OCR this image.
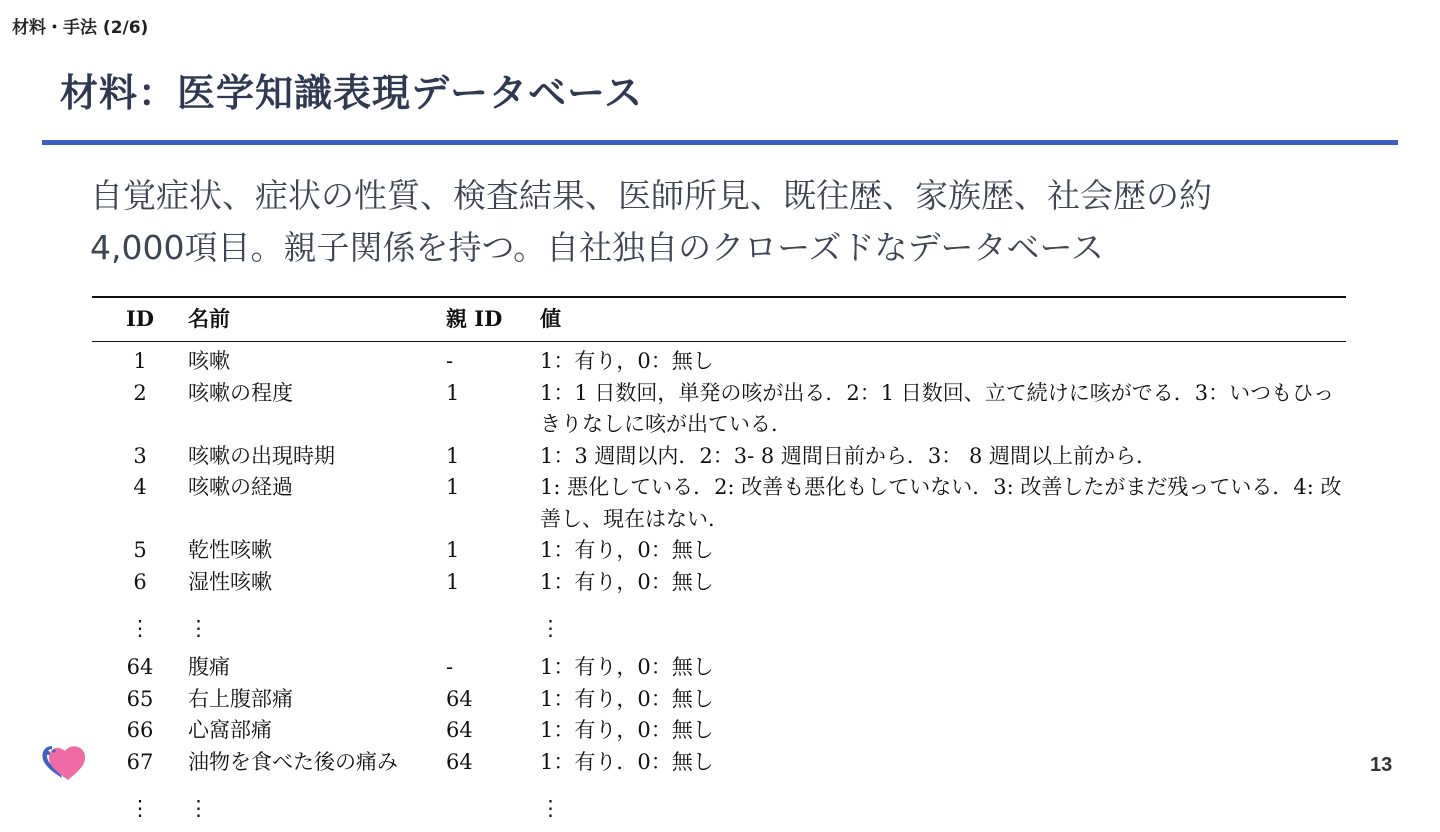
材料・手法 (2/6)
材料：医学知識表現データベース
自覚症状、症状の性質、検査結果、医師所見、既往歴、家族歴、社会歴の約
4,000項目。親子関係を持つ。自社独自のクローズドなデータベース
ID	名前	親 ID	値
1	咳嗽	-	1：有り，0：無し
2	咳嗽の程度	1	1：1 日数回，単発の咳が出る．2：1 日数回、立て続けに咳がでる．3：いつもひっきりなしに咳が出ている．
3	咳嗽の出現時期	1	1：3 週間以内．2：3- 8 週間日前から．3： 8 週間以上前から．
4	咳嗽の経過	1	1: 悪化している．2: 改善も悪化もしていない．3: 改善したがまだ残っている．4: 改善し、現在はない．
5	乾性咳嗽	1	1：有り，0：無し
6	湿性咳嗽	1	1：有り，0：無し
⋮	⋮		⋮
64	腹痛	-	1：有り，0：無し
65	右上腹部痛	64	1：有り，0：無し
66	心窩部痛	64	1：有り，0：無し
67	油物を食べた後の痛み	64	1：有り．0：無し
⋮	⋮		⋮
13
